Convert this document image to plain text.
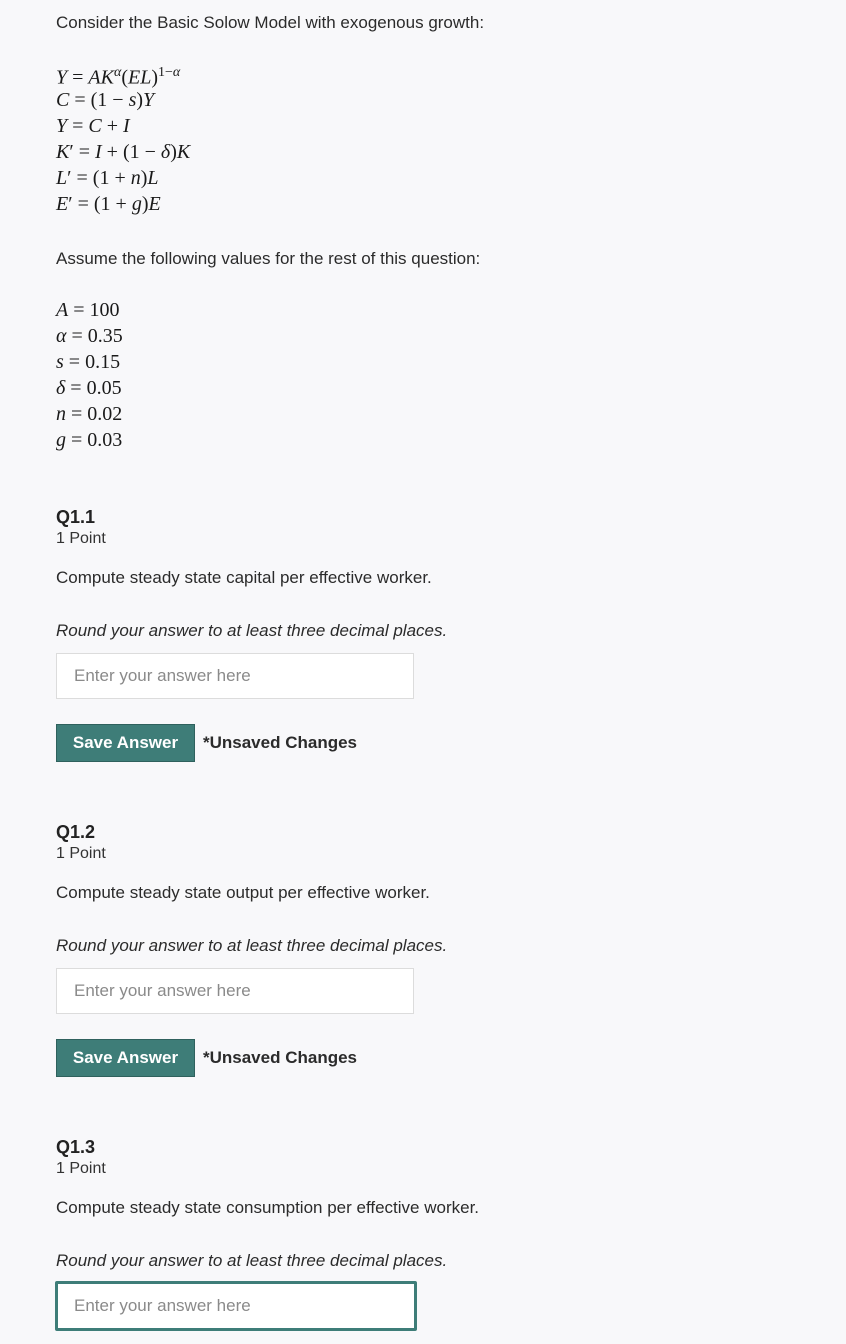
Consider the Basic Solow Model with exogenous growth:
$Y = AK^\alpha(EL)^{1-\alpha}$
C = (1 − s)Y
Y = C + I
K′ = I + (1 − δ)K
L′ = (1 + n)L
E′ = (1 + g)E
Assume the following values for the rest of this question:
A = 100
α = 0.35
s = 0.15
δ = 0.05
n = 0.02
g = 0.03
Q1.1
1 Point
Compute steady state capital per effective worker.
Round your answer to at least three decimal places.
Enter your answer here
Save Answer	*Unsaved Changes
Q1.2
1 Point
Compute steady state output per effective worker.
Round your answer to at least three decimal places.
Enter your answer here
Save Answer	*Unsaved Changes
Q1.3
1 Point
Compute steady state consumption per effective worker.
Round your answer to at least three decimal places.
Enter your answer here
